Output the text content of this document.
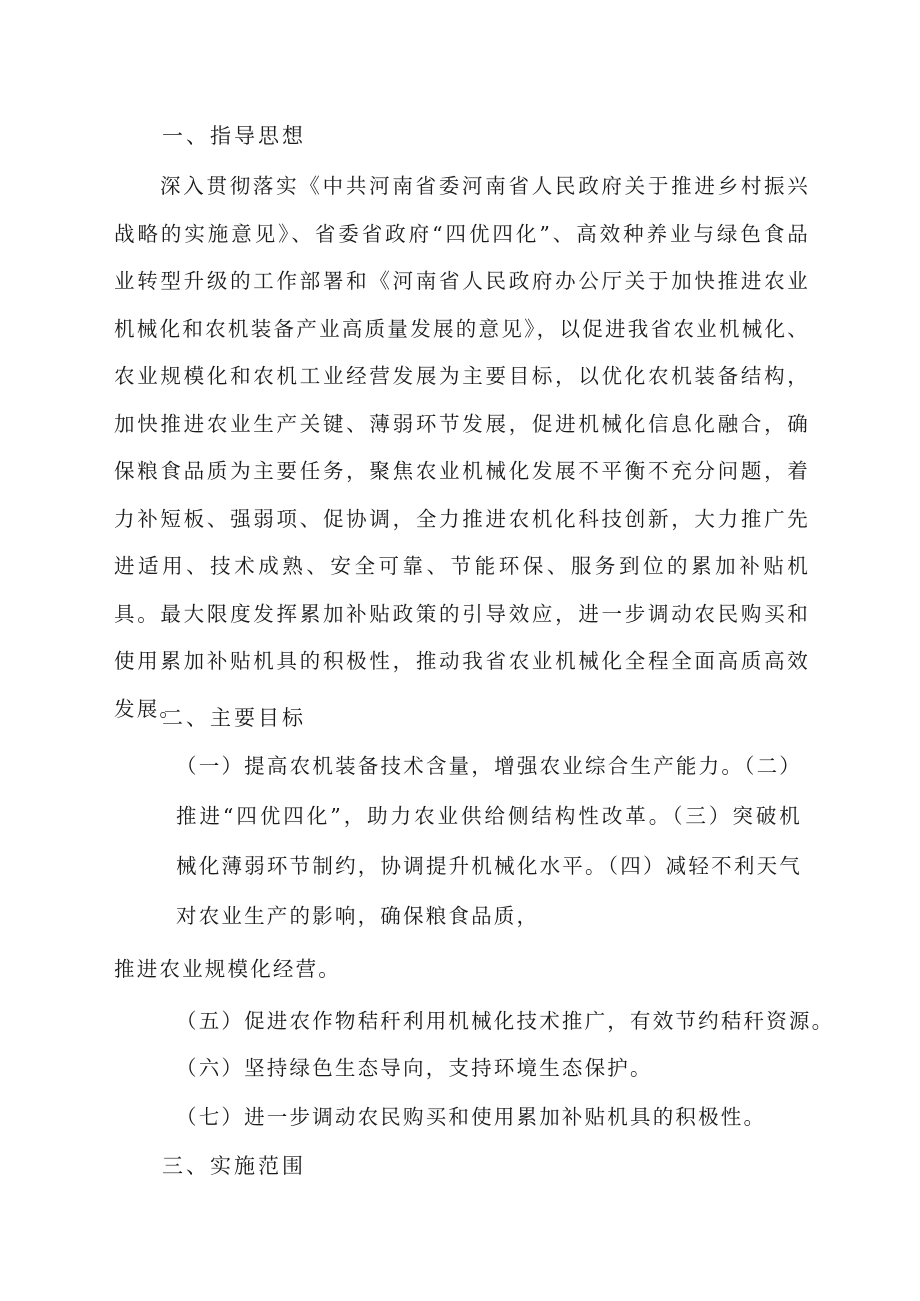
一、指导思想
深入贯彻落实《中共河南省委河南省人民政府关于推进乡村振兴战略的实施意见》、省委省政府“四优四化”、高效种养业与绿色食品业转型升级的工作部署和《河南省人民政府办公厅关于加快推进农业机械化和农机装备产业高质量发展的意见》，以促进我省农业机械化、农业规模化和农机工业经营发展为主要目标，以优化农机装备结构，加快推进农业生产关键、薄弱环节发展，促进机械化信息化融合，确保粮食品质为主要任务，聚焦农业机械化发展不平衡不充分问题，着力补短板、强弱项、促协调，全力推进农机化科技创新，大力推广先进适用、技术成熟、安全可靠、节能环保、服务到位的累加补贴机具。最大限度发挥累加补贴政策的引导效应，进一步调动农民购买和使用累加补贴机具的积极性，推动我省农业机械化全程全面高质高效发展。
二、主要目标
（一）提高农机装备技术含量，增强农业综合生产能力。（二）推进“四优四化”，助力农业供给侧结构性改革。（三）突破机械化薄弱环节制约，协调提升机械化水平。（四）减轻不利天气对农业生产的影响，确保粮食品质，
推进农业规模化经营。
（五）促进农作物秸秆利用机械化技术推广，有效节约秸秆资源。
（六）坚持绿色生态导向，支持环境生态保护。
（七）进一步调动农民购买和使用累加补贴机具的积极性。
三、实施范围
